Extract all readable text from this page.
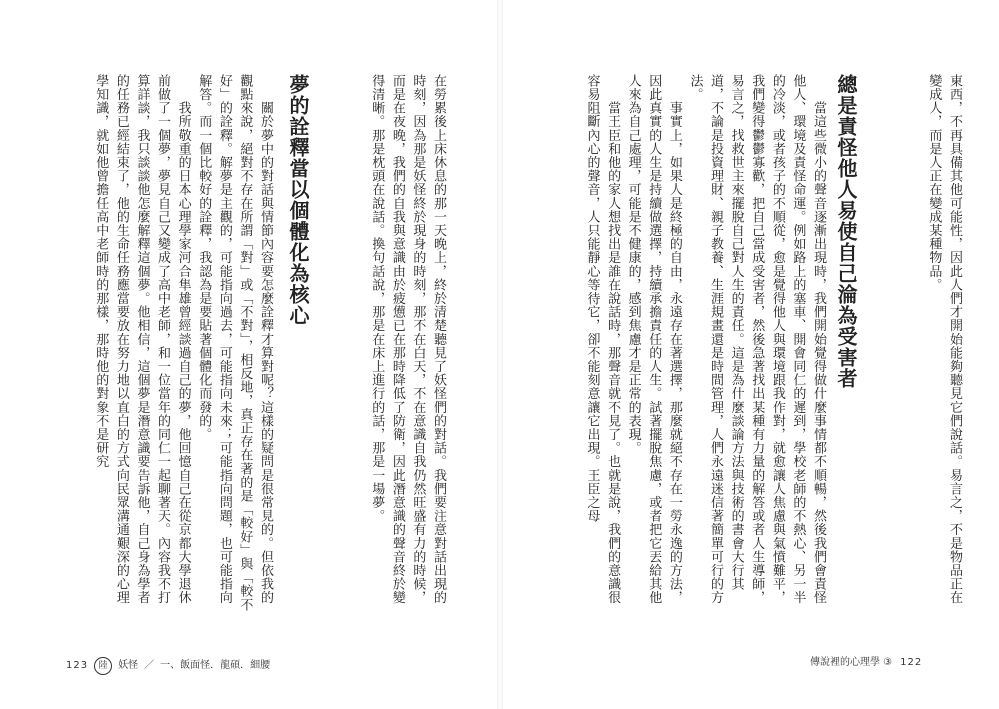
東西，不再具備其他可能性，因此人們才開始能夠聽見它們說話。易言之，不是物品正在變成人，而是人正在變成某種物品。
總是責怪他人易使自己淪為受害者
　　當這些微小的聲音逐漸出現時，我們開始覺得做什麼事情都不順暢，然後我們會責怪他人、環境及責怪命運。例如路上的塞車、開會同仁的遲到，學校老師的不熱心、另一半的冷淡，或者孩子的不順從，愈是覺得他人與環境跟我作對，就愈讓人焦慮與氣憤難平，我們變得鬱鬱寡歡，把自己當成受害者，然後急著找出某種有力量的解答或者人生導師，易言之，找救世主來擺脫自己對人生的責任。這是為什麼談論方法與技術的書會大行其道，不論是投資理財、親子教養、生涯規畫還是時間管理，人們永遠迷信著簡單可行的方法。
　　事實上，如果人是終極的自由，永遠存在著選擇，那麼就絕不存在一勞永逸的方法，因此真實的人生是持續做選擇，持續承擔責任的人生。試著擺脫焦慮，或者把它丟給其他人來為自己處理，可能是不健康的，感到焦慮才是正常的表現。
　　當王臣和他的家人想找出是誰在說話時，那聲音就不見了。也就是說，我們的意識很容易阻斷內心的聲音，人只能靜心等待它，卻不能刻意讓它出現。王臣之母
在勞累後上床休息的那一天晚上，終於清楚聽見了妖怪們的對話。我們要注意對話出現的時刻，因為那是妖怪終於現身的時刻，那不在白天，不在意識自我仍然旺盛有力的時候，而是在夜晚，我們的自我與意識由於疲憊已在那時降低了防衛，因此潛意識的聲音終於變得清晰。那是枕頭在說話。換句話說，那是在床上進行的話，那是一場夢。
夢的詮釋當以個體化為核心
　　關於夢中的對話與情節內容要怎麼詮釋才算對呢？這樣的疑問是很常見的。但依我的觀點來說，絕對不存在所謂「對」或「不對」，相反地，真正存在著的是「較好」與「較不好」的詮釋。解夢是主觀的，可能指向過去，可能指向未來；可能指向問題，也可能指向解答。而一個比較好的詮釋，我認為是要貼著個體化而發的。
　　我所敬重的日本心理學家河合隼雄曾經談過自己的夢，他回憶自己在從京都大學退休前做了一個夢，夢見自己又變成了高中老師，和一位當年的同仁一起聊著天。內容我不打算詳談，我只談談他怎麼解釋這個夢。他相信，這個夢是潛意識要告訴他，自己身為學者的任務已經結束了，他的生命任務應當要放在努力地以直白的方式向民眾溝通艱深的心理學知識，就如他曾擔任高中老師時的那樣，那時他的對象不是研究
123	陸	妖怪 ／ 一、飯面怪．龍碩．細腰	傳說裡的心理學 ③ 122
